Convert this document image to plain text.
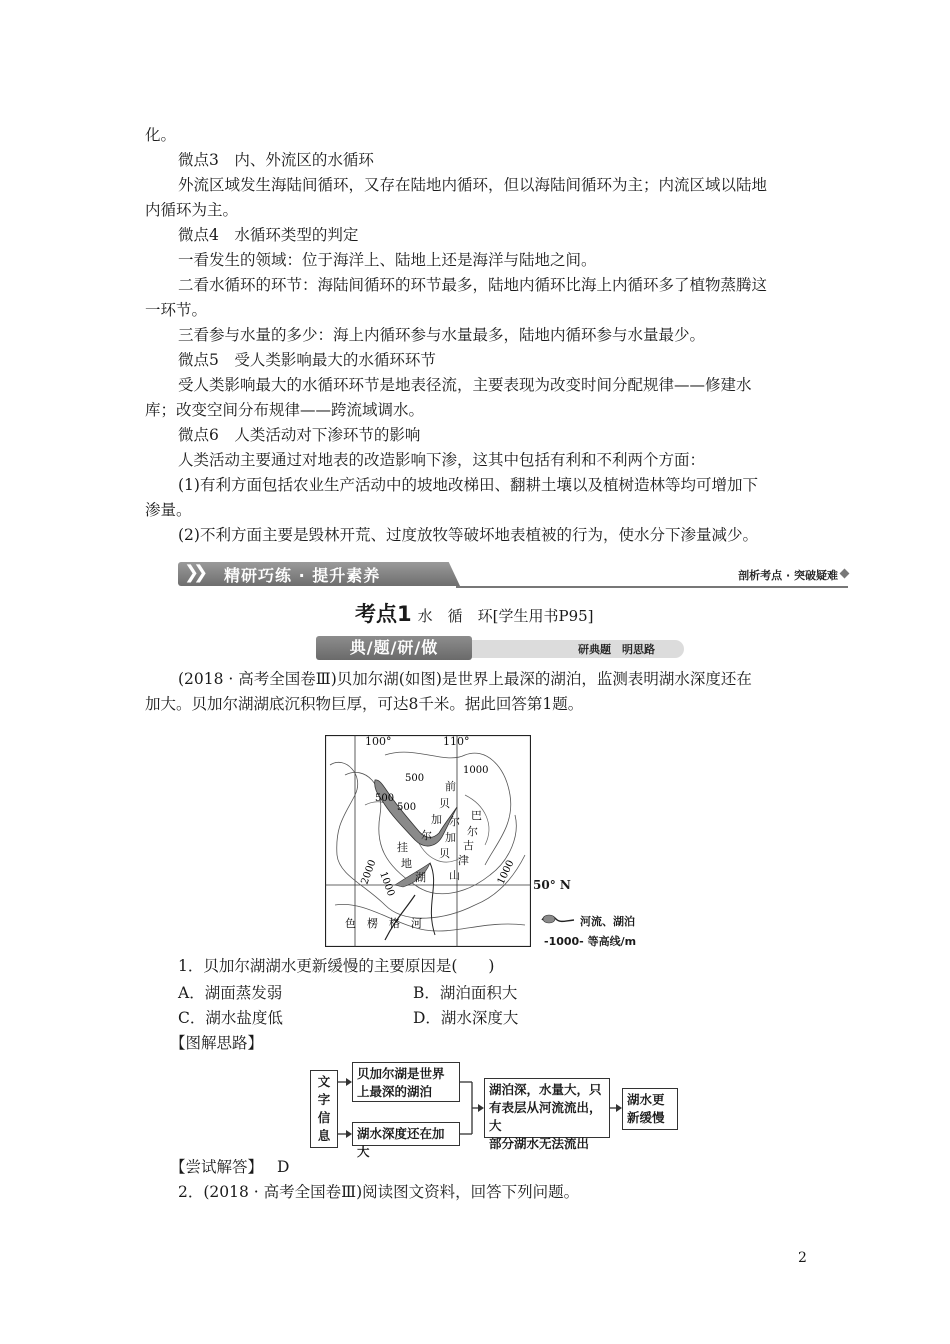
化。
微点3　内、外流区的水循环
外流区域发生海陆间循环，又存在陆地内循环，但以海陆间循环为主；内流区域以陆地
内循环为主。
微点4　水循环类型的判定
一看发生的领域：位于海洋上、陆地上还是海洋与陆地之间。
二看水循环的环节：海陆间循环的环节最多，陆地内循环比海上内循环多了植物蒸腾这
一环节。
三看参与水量的多少：海上内循环参与水量最多，陆地内循环参与水量最少。
微点5　受人类影响最大的水循环环节
受人类影响最大的水循环环节是地表径流，主要表现为改变时间分配规律——修建水
库；改变空间分布规律——跨流域调水。
微点6　人类活动对下渗环节的影响
人类活动主要通过对地表的改造影响下渗，这其中包括有利和不利两个方面：
(1)有利方面包括农业生产活动中的坡地改梯田、翻耕土壤以及植树造林等均可增加下
渗量。
(2)不利方面主要是毁林开荒、过度放牧等破坏地表植被的行为，使水分下渗量减少。
❯❯ 精研巧练 · 提升素养	剖析考点 · 突破疑难
考点1 水　循　环[学生用书P95]
典/题/研/做	研典题　明思路
(2018 · 高考全国卷Ⅲ)贝加尔湖(如图)是世界上最深的湖泊，监测表明湖水深度还在
加大。贝加尔湖湖底沉积物巨厚，可达8千米。据此回答第1题。
100°	110°
500
500
500
1000
1000
2000	1000
前
贝
加
尔
巴
尔
古
津
山
尔
加
贝
挂
地
湖
色　楞　格　河
50° N
河流、湖泊
-1000- 等高线/m
1．贝加尔湖湖水更新缓慢的主要原因是(　　)
A．湖面蒸发弱	B．湖泊面积大
C．湖水盐度低	D．湖水深度大
【图解思路】
文
字
信
息
贝加尔湖是世界
上最深的湖泊
湖水深度还在加大
湖泊深，水量大，只
有表层从河流流出，大
部分湖水无法流出
湖水更
新缓慢
【尝试解答】 D
2．(2018 · 高考全国卷Ⅲ)阅读图文资料，回答下列问题。
2
